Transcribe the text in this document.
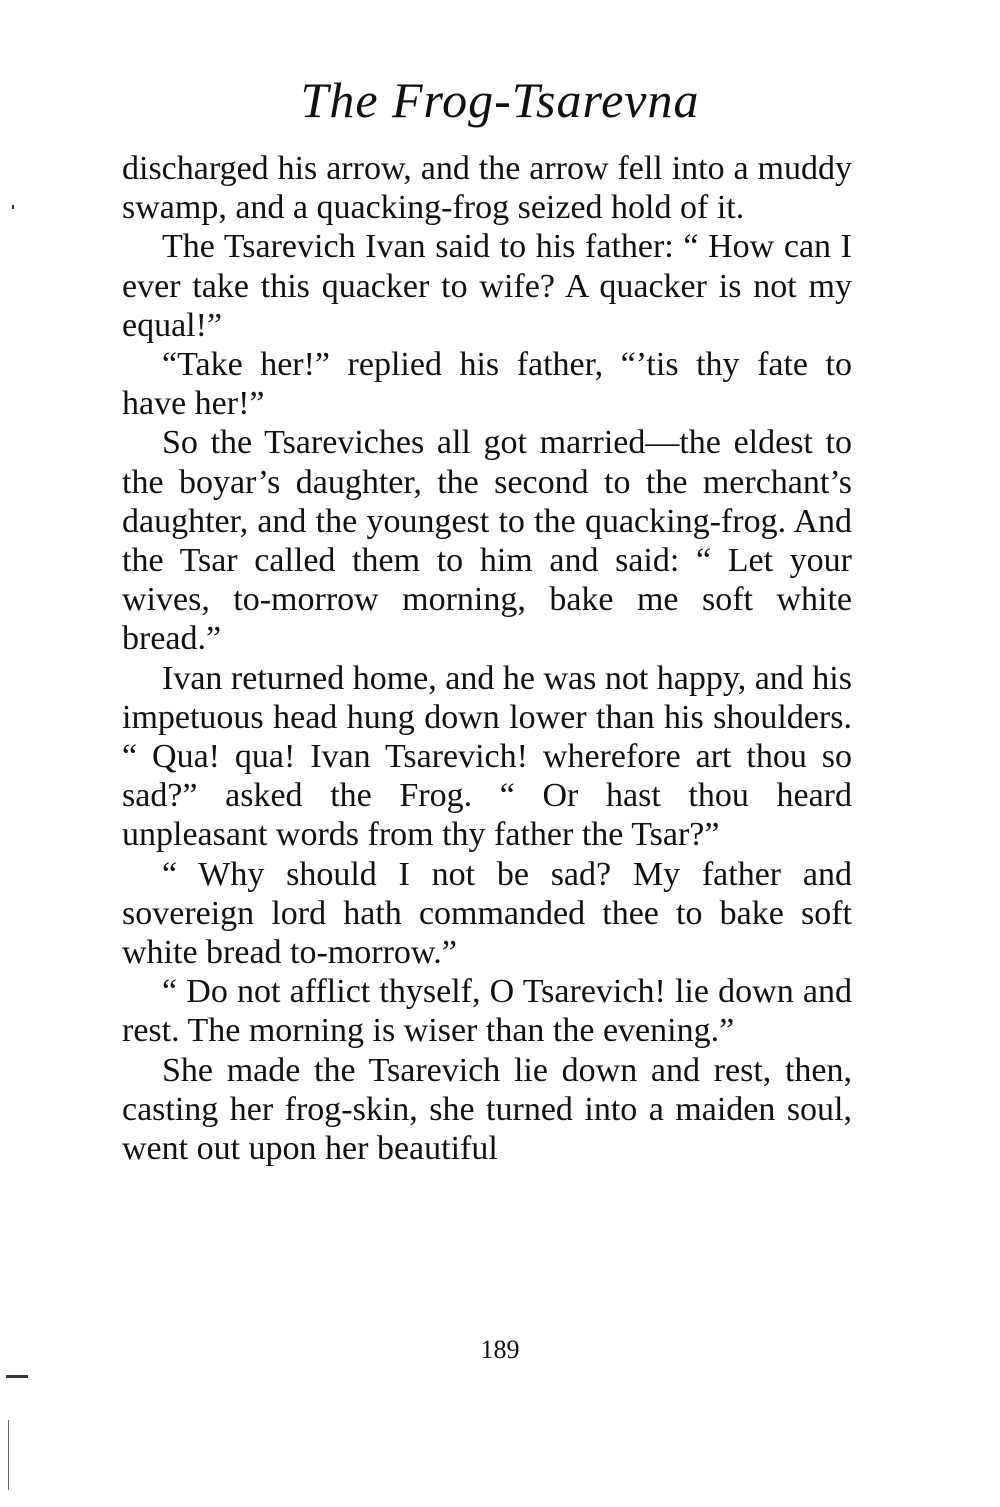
The Frog-Tsarevna

discharged his arrow, and the arrow fell into a muddy swamp, and a quacking-frog seized hold of it.

The Tsarevich Ivan said to his father: “ How can I ever take this quacker to wife? A quacker is not my equal!”

“Take her!” replied his father, “’tis thy fate to have her!”

So the Tsareviches all got married—the eldest to the boyar’s daughter, the second to the merchant’s daughter, and the youngest to the quacking-frog. And the Tsar called them to him and said: “ Let your wives, to-morrow morning, bake me soft white bread.”

Ivan returned home, and he was not happy, and his impetuous head hung down lower than his shoulders. “ Qua! qua! Ivan Tsarevich! wherefore art thou so sad?” asked the Frog. “ Or hast thou heard unpleasant words from thy father the Tsar?”

“ Why should I not be sad? My father and sovereign lord hath commanded thee to bake soft white bread to-morrow.”

“ Do not afflict thyself, O Tsarevich! lie down and rest. The morning is wiser than the evening.”

She made the Tsarevich lie down and rest, then, casting her frog-skin, she turned into a maiden soul, went out upon her beautiful

189
